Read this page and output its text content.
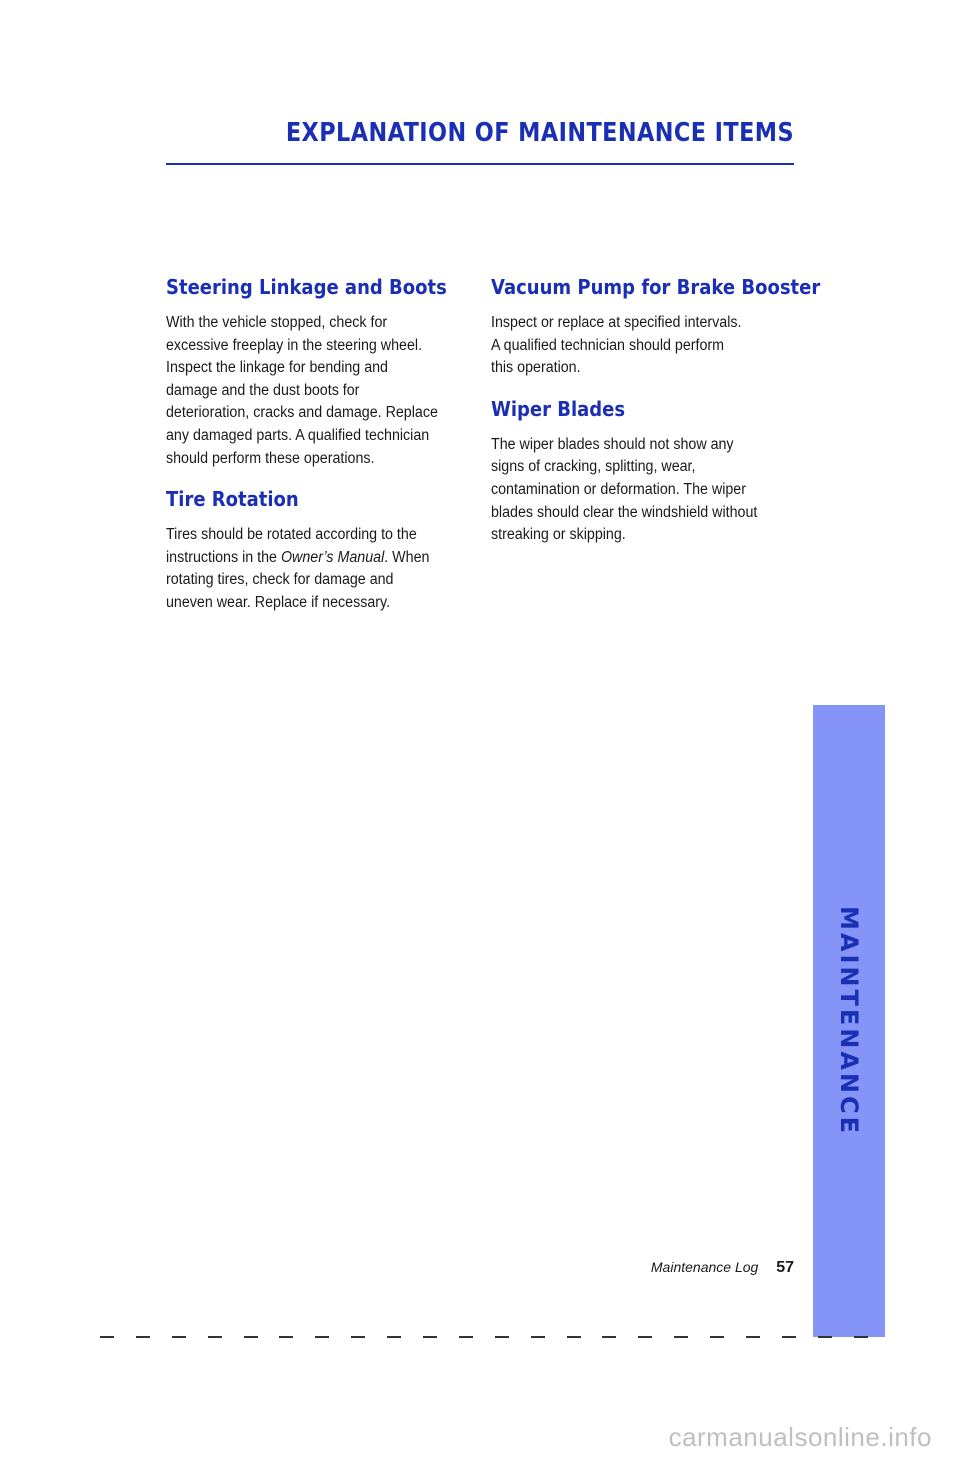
EXPLANATION OF MAINTENANCE ITEMS
Steering Linkage and Boots

With the vehicle stopped, check for
excessive freeplay in the steering wheel.
Inspect the linkage for bending and
damage and the dust boots for
deterioration, cracks and damage. Replace
any damaged parts. A qualified technician
should perform these operations.

Tire Rotation

Tires should be rotated according to the
instructions in the Owner’s Manual. When
rotating tires, check for damage and
uneven wear. Replace if necessary.

Vacuum Pump for Brake Booster

Inspect or replace at specified intervals.
A qualified technician should perform
this operation.

Wiper Blades

The wiper blades should not show any
signs of cracking, splitting, wear,
contamination or deformation. The wiper
blades should clear the windshield without
streaking or skipping.

MAINTENANCE
Maintenance Log 57
carmanualsonline.info
